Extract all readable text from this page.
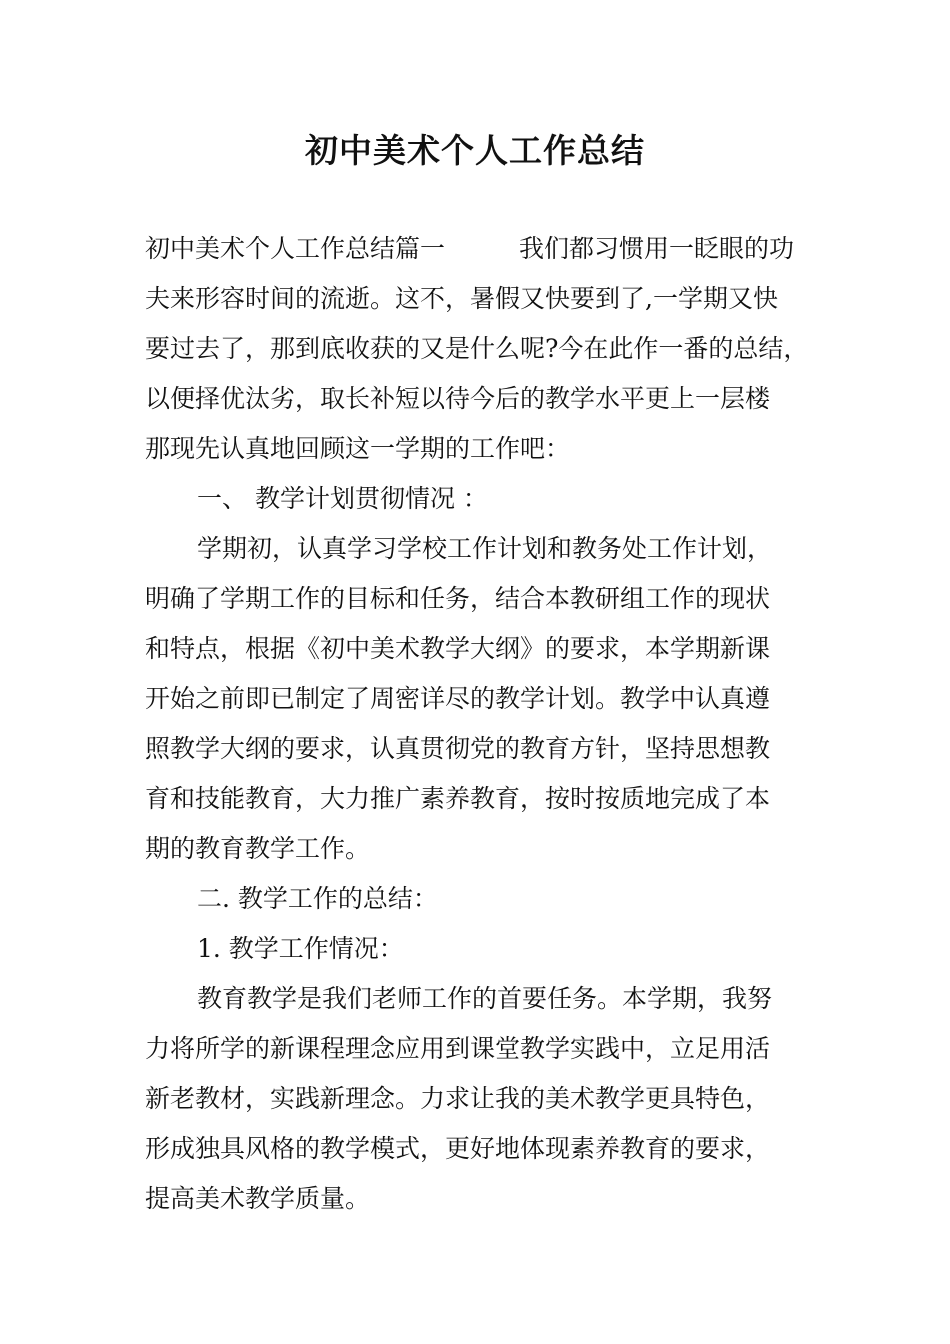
初中美术个人工作总结
初中美术个人工作总结篇一	我们都习惯用一眨眼的功
夫来形容时间的流逝。这不，暑假又快要到了,一学期又快
要过去了，那到底收获的又是什么呢?今在此作一番的总结，
以便择优汰劣，取长补短以待今后的教学水平更上一层楼
那现先认真地回顾这一学期的工作吧：
一、 教学计划贯彻情况 ：
学期初，认真学习学校工作计划和教务处工作计划，
明确了学期工作的目标和任务，结合本教研组工作的现状
和特点，根据《初中美术教学大纲》的要求，本学期新课
开始之前即已制定了周密详尽的教学计划。教学中认真遵
照教学大纲的要求，认真贯彻党的教育方针，坚持思想教
育和技能教育，大力推广素养教育，按时按质地完成了本
期的教育教学工作。
二. 教学工作的总结：
1. 教学工作情况：
教育教学是我们老师工作的首要任务。本学期，我努
力将所学的新课程理念应用到课堂教学实践中，立足用活
新老教材，实践新理念。力求让我的美术教学更具特色，
形成独具风格的教学模式，更好地体现素养教育的要求，
提高美术教学质量。
